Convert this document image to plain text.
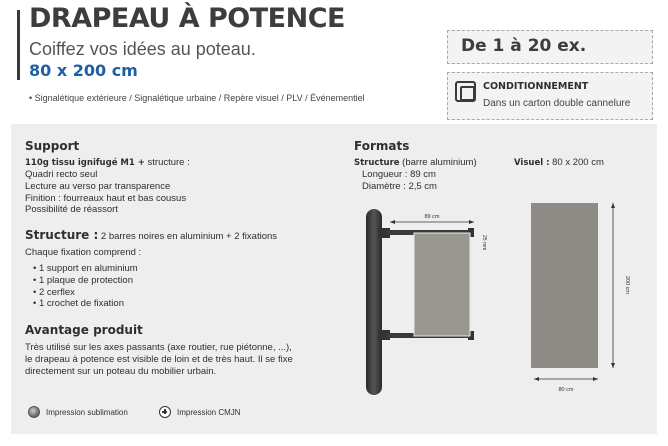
DRAPEAU À POTENCE
Coiffez vos idées au poteau.
80 x 200 cm
• Signalétique extérieure / Signalétique urbaine / Repère visuel / PLV / Événementiel
De 1 à 20 ex.
CONDITIONNEMENT
Dans un carton double cannelure
Support
110g tissu ignifugé M1 + structure :
Quadri recto seul
Lecture au verso par transparence
Finition : fourreaux haut et bas cousus
Possibilité de réassort
Structure : 2 barres noires en aluminium + 2 fixations
Chaque fixation comprend :
• 1 support en aluminium
• 1 plaque de protection
• 2 cerflex
• 1 crochet de fixation
Avantage produit
Très utilisé sur les axes passants (axe routier, rue piétonne, ...),
le drapeau à potence est visible de loin et de très haut. Il se fixe
directement sur un poteau du mobilier urbain.
Impression sublimation	Impression CMJN
Formats
Structure (barre aluminium)
Longueur : 89 cm
Diamètre : 2,5 cm
Visuel : 80 x 200 cm
89 cm
25 mm
200 cm
80 cm
